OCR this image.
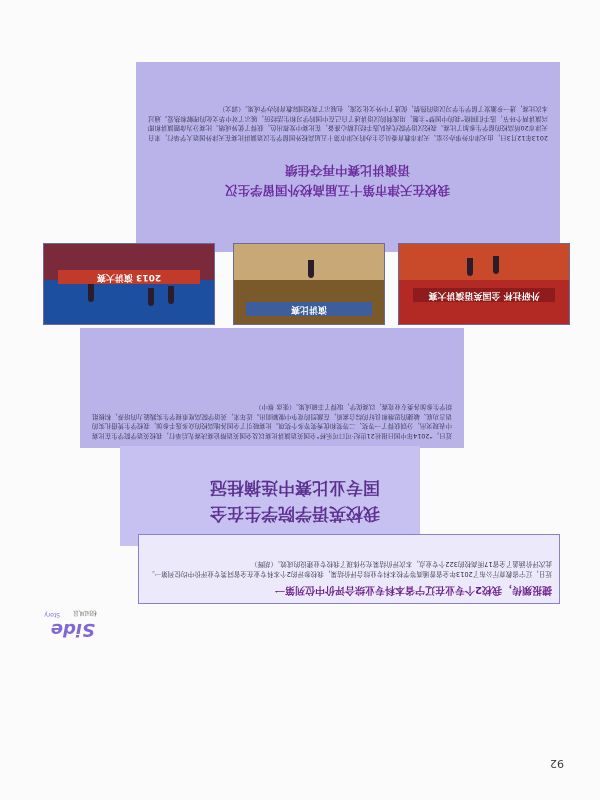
92
2013年12月3日，由天津市外事办公室、天津市教育委员会主办的天津市第十五届高校外国留学生汉语演讲比赛在天津外国语大学举行，来自天津市20所高校的留学生参加了比赛。我校汉语学院代表队选手经过精心准备，在比赛中发挥出色，获得了优异成绩。比赛分为命题演讲和即兴演讲两个环节，选手们围绕“我的中国梦”主题，用流利的汉语讲述了自己在中国的学习和生活经历，展示了对中华文化的理解和热爱。通过本次比赛，进一步激发了留学生学习汉语的热情，促进了中外文化交流，也展示了我校国际教育的办学成果。（郭文）
我校在天津市第十五届高校外国留学生汉
语演讲比赛中再夺佳绩
外研社杯 全国英语演讲大赛
演讲比赛
2013 演讲大赛
我校英语学院学生在全
国专业比赛中连摘桂冠
近日，“2014年中国日报社21世纪·可口可乐杯”全国英语演讲比赛以及全国英语辩论赛决赛先后举行，我校英语学院学生在比赛中表现突出，分别获得了一等奖、二等奖和优秀奖等多个奖项。比赛吸引了全国各地高校的众多选手参加，我校学生凭借扎实的语言功底、敏捷的思维和良好的综合素质，在激烈的竞争中脱颖而出。近年来，英语学院高度重视学生实践能力的培养，积极组织学生参加各类专业竞赛，以赛促学，取得了丰硕成果。（张彦 蔡中）
Side
校园风景
Story
捷报频传，我校2个专业在辽宁省本科专业综合评价中位列第一
近日，辽宁省教育厅公布了2013年全省普通高等学校本科专业综合评价结果，我校参评的2个本科专业在全省同类专业评价中均位列第一。此次评价涵盖了全省17所高校的322个专业点，本次评价结果充分体现了我校专业建设的成效。（胡辉）
